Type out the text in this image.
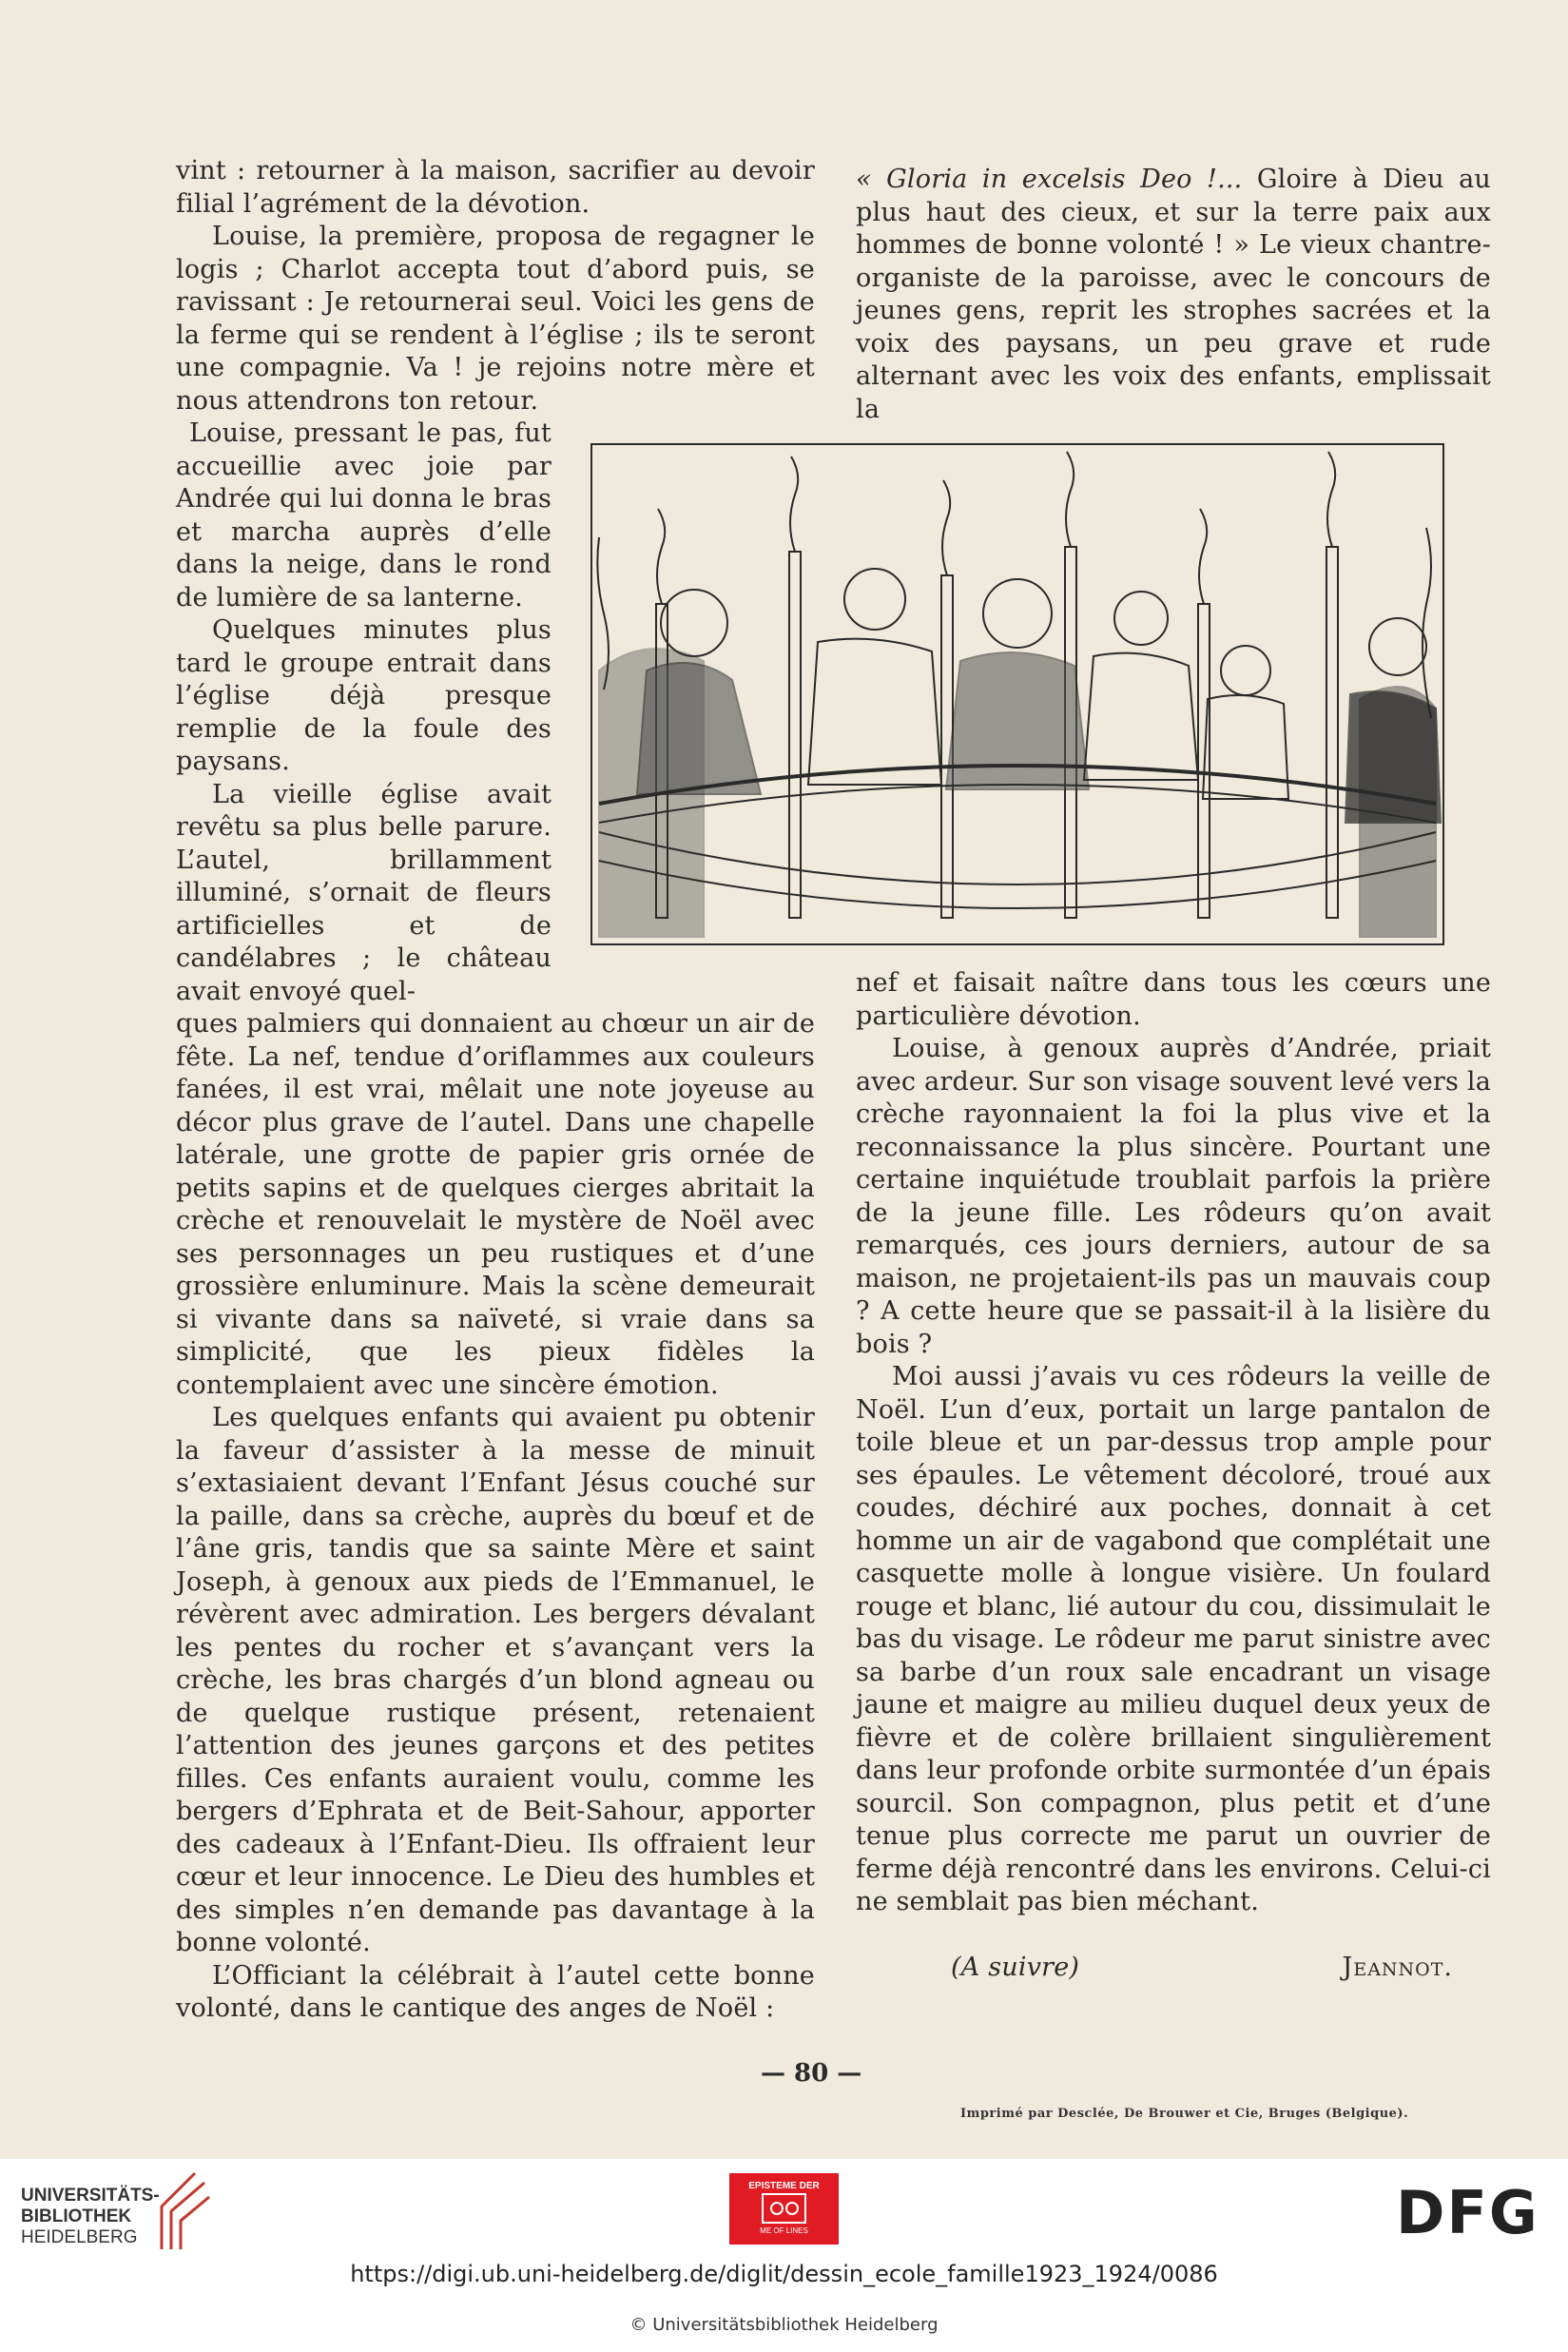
vint : retourner à la maison, sacrifier au devoir filial l’agrément de la dévotion.

Louise, la première, proposa de regagner le logis ; Charlot accepta tout d’abord puis, se ravissant : Je retournerai seul. Voici les gens de la ferme qui se rendent à l’église ; ils te seront une compagnie. Va ! je rejoins notre mère et nous attendrons ton retour.

Louise, pressant le pas, fut accueillie avec joie par Andrée qui lui donna le bras et marcha auprès d’elle dans la neige, dans le rond de lumière de sa lanterne.

Quelques minutes plus tard le groupe entrait dans l’église déjà presque remplie de la foule des paysans.

La vieille église avait revêtu sa plus belle parure. L’autel, brillamment illuminé, s’ornait de fleurs artificielles et de candélabres ; le château avait envoyé quel-

ques palmiers qui donnaient au chœur un air de fête. La nef, tendue d’oriflammes aux couleurs fanées, il est vrai, mêlait une note joyeuse au décor plus grave de l’autel. Dans une chapelle latérale, une grotte de papier gris ornée de petits sapins et de quelques cierges abritait la crèche et renouvelait le mystère de Noël avec ses personnages un peu rustiques et d’une grossière enluminure. Mais la scène demeurait si vivante dans sa naïveté, si vraie dans sa simplicité, que les pieux fidèles la contemplaient avec une sincère émotion.

Les quelques enfants qui avaient pu obtenir la faveur d’assister à la messe de minuit s’extasiaient devant l’Enfant Jésus couché sur la paille, dans sa crèche, auprès du bœuf et de l’âne gris, tandis que sa sainte Mère et saint Joseph, à genoux aux pieds de l’Emmanuel, le révèrent avec admiration. Les bergers dévalant les pentes du rocher et s’avançant vers la crèche, les bras chargés d’un blond agneau ou de quelque rustique présent, retenaient l’attention des jeunes garçons et des petites filles. Ces enfants auraient voulu, comme les bergers d’Ephrata et de Beit-Sahour, apporter des cadeaux à l’Enfant-Dieu. Ils offraient leur cœur et leur innocence. Le Dieu des humbles et des simples n’en demande pas davantage à la bonne volonté.

L’Officiant la célébrait à l’autel cette bonne volonté, dans le cantique des anges de Noël :

« Gloria in excelsis Deo !... Gloire à Dieu au plus haut des cieux, et sur la terre paix aux hommes de bonne volonté ! » Le vieux chantre-organiste de la paroisse, avec le concours de jeunes gens, reprit les strophes sacrées et la voix des paysans, un peu grave et rude alternant avec les voix des enfants, emplissait la

nef et faisait naître dans tous les cœurs une particulière dévotion.

Louise, à genoux auprès d’Andrée, priait avec ardeur. Sur son visage souvent levé vers la crèche rayonnaient la foi la plus vive et la reconnaissance la plus sincère. Pourtant une certaine inquiétude troublait parfois la prière de la jeune fille. Les rôdeurs qu’on avait remarqués, ces jours derniers, autour de sa maison, ne projetaient-ils pas un mauvais coup ? A cette heure que se passait-il à la lisière du bois ?

Moi aussi j’avais vu ces rôdeurs la veille de Noël. L’un d’eux, portait un large pantalon de toile bleue et un par-dessus trop ample pour ses épaules. Le vêtement décoloré, troué aux coudes, déchiré aux poches, donnait à cet homme un air de vagabond que complétait une casquette molle à longue visière. Un foulard rouge et blanc, lié autour du cou, dissimulait le bas du visage. Le rôdeur me parut sinistre avec sa barbe d’un roux sale encadrant un visage jaune et maigre au milieu duquel deux yeux de fièvre et de colère brillaient singulièrement dans leur profonde orbite surmontée d’un épais sourcil. Son compagnon, plus petit et d’une tenue plus correcte me parut un ouvrier de ferme déjà rencontré dans les environs. Celui-ci ne semblait pas bien méchant.

(A suivre)	Jeannot.
— 80 —
Imprimé par Desclée, De Brouwer et Cie, Bruges (Belgique).
UNIVERSITÄTS-
BIBLIOTHEK
HEIDELBERG
EPISTEME DER
ME OF LINES	DFG
https://digi.ub.uni-heidelberg.de/diglit/dessin_ecole_famille1923_1924/0086
© Universitätsbibliothek Heidelberg
